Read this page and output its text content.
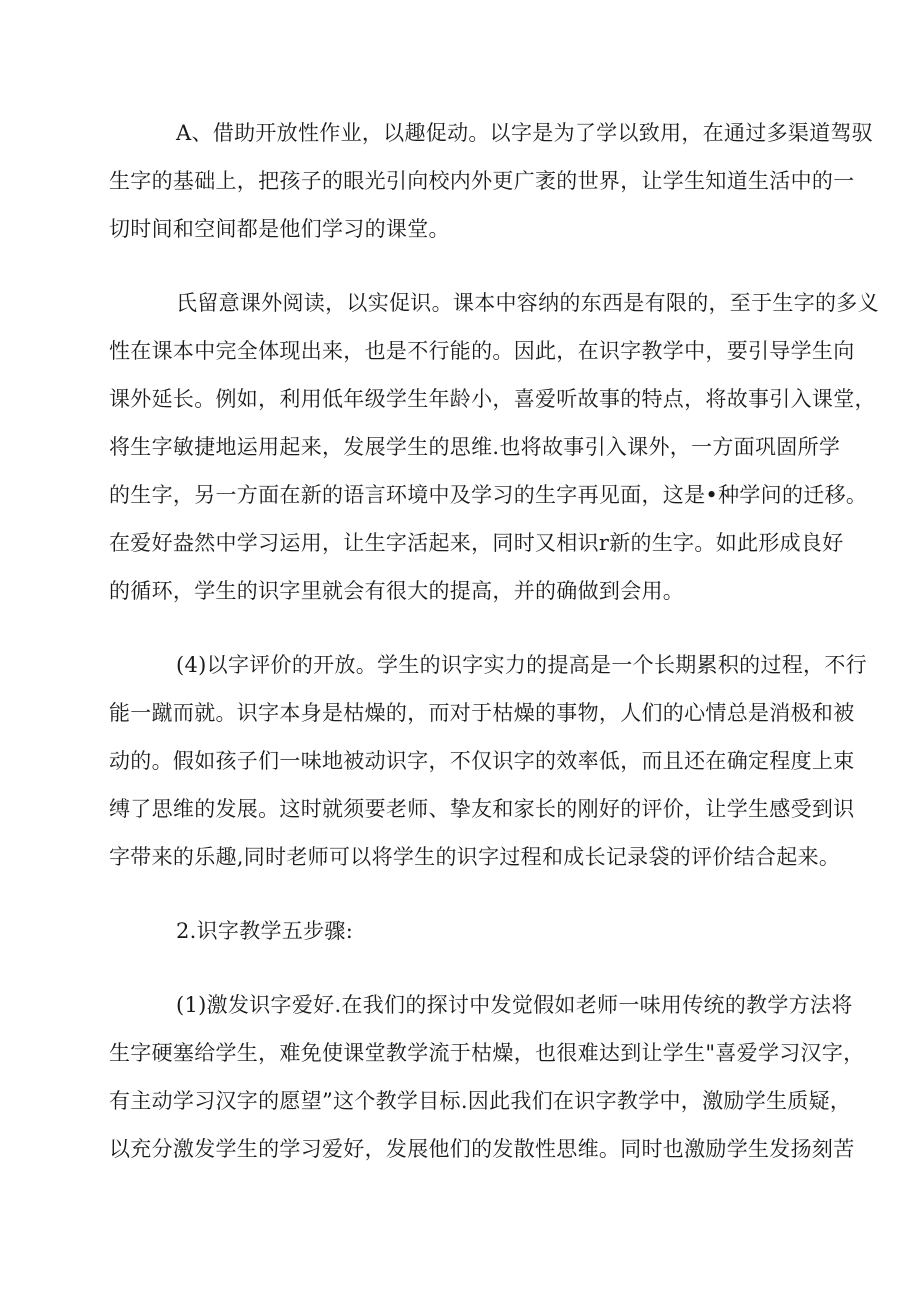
A、借助开放性作业，以趣促动。以字是为了学以致用，在通过多渠道驾驭
生字的基础上，把孩子的眼光引向校内外更广袤的世界，让学生知道生活中的一
切时间和空间都是他们学习的课堂。
氏留意课外阅读，以实促识。课本中容纳的东西是有限的，至于生字的多义
性在课本中完全体现出来，也是不行能的。因此，在识字教学中，要引导学生向
课外延长。例如，利用低年级学生年龄小，喜爱听故事的特点，将故事引入课堂，
将生字敏捷地运用起来，发展学生的思维.也将故事引入课外，一方面巩固所学
的生字，另一方面在新的语言环境中及学习的生字再见面，这是•种学问的迁移。
在爱好盎然中学习运用，让生字活起来，同时又相识r新的生字。如此形成良好
的循环，学生的识字里就会有很大的提高，并的确做到会用。
(4)以字评价的开放。学生的识字实力的提高是一个长期累积的过程，不行
能一蹴而就。识字本身是枯燥的，而对于枯燥的事物，人们的心情总是消极和被
动的。假如孩子们一味地被动识字，不仅识字的效率低，而且还在确定程度上束
缚了思维的发展。这时就须要老师、挚友和家长的刚好的评价，让学生感受到识
字带来的乐趣,同时老师可以将学生的识字过程和成长记录袋的评价结合起来。
2.识字教学五步骤:
(1)激发识字爱好.在我们的探讨中发觉假如老师一味用传统的教学方法将
生字硬塞给学生，难免使课堂教学流于枯燥，也很难达到让学生"喜爱学习汉字，
有主动学习汉字的愿望”这个教学目标.因此我们在识字教学中，激励学生质疑，
以充分激发学生的学习爱好，发展他们的发散性思维。同时也激励学生发扬刻苦
